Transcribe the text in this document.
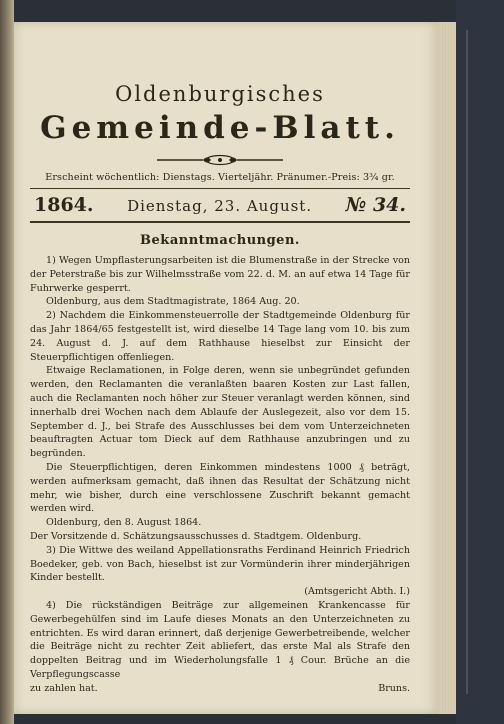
Oldenburgisches
Gemeinde-Blatt.
Erscheint wöchentlich: Dienstags. Vierteljähr. Pränumer.-Preis: 3¾ gr.
1864. Dienstag, 23. August. № 34.
Bekanntmachungen.

1) Wegen Umpflasterungsarbeiten ist die Blumenstraße in der Strecke von der Peterstraße bis zur Wilhelmsstraße vom 22. d. M. an auf etwa 14 Tage für Fuhrwerke gesperrt.

Oldenburg, aus dem Stadtmagistrate, 1864 Aug. 20.

2) Nachdem die Einkommensteuerrolle der Stadtgemeinde Oldenburg für das Jahr 1864/65 festgestellt ist, wird dieselbe 14 Tage lang vom 10. bis zum 24. August d. J. auf dem Rathhause hieselbst zur Einsicht der Steuerpflichtigen offenliegen.

Etwaige Reclamationen, in Folge deren, wenn sie unbegründet gefunden werden, den Reclamanten die veranlaßten baaren Kosten zur Last fallen, auch die Reclamanten noch höher zur Steuer veranlagt werden können, sind innerhalb drei Wochen nach dem Ablaufe der Auslegezeit, also vor dem 15. September d. J., bei Strafe des Ausschlusses bei dem vom Unterzeichneten beauftragten Actuar tom Dieck auf dem Rathhause anzubringen und zu begründen.

Die Steuerpflichtigen, deren Einkommen mindestens 1000 ₰ beträgt, werden aufmerksam gemacht, daß ihnen das Resultat der Schätzung nicht mehr, wie bisher, durch eine verschlossene Zuschrift bekannt gemacht werden wird.

Oldenburg, den 8. August 1864.

Der Vorsitzende d. Schätzungsausschusses d. Stadtgem. Oldenburg.

3) Die Wittwe des weiland Appellationsraths Ferdinand Heinrich Friedrich Boedeker, geb. von Bach, hieselbst ist zur Vormünderin ihrer minderjährigen Kinder bestellt.

(Amtsgericht Abth. I.)

4) Die rückständigen Beiträge zur allgemeinen Krankencasse für Gewerbegehülfen sind im Laufe dieses Monats an den Unterzeichneten zu entrichten. Es wird daran erinnert, daß derjenige Gewerbetreibende, welcher die Beiträge nicht zu rechter Zeit abliefert, das erste Mal als Strafe den doppelten Beitrag und im Wiederholungsfalle 1 ₰ Cour. Brüche an die Verpflegungscasse

zu zahlen hat.	Bruns.
